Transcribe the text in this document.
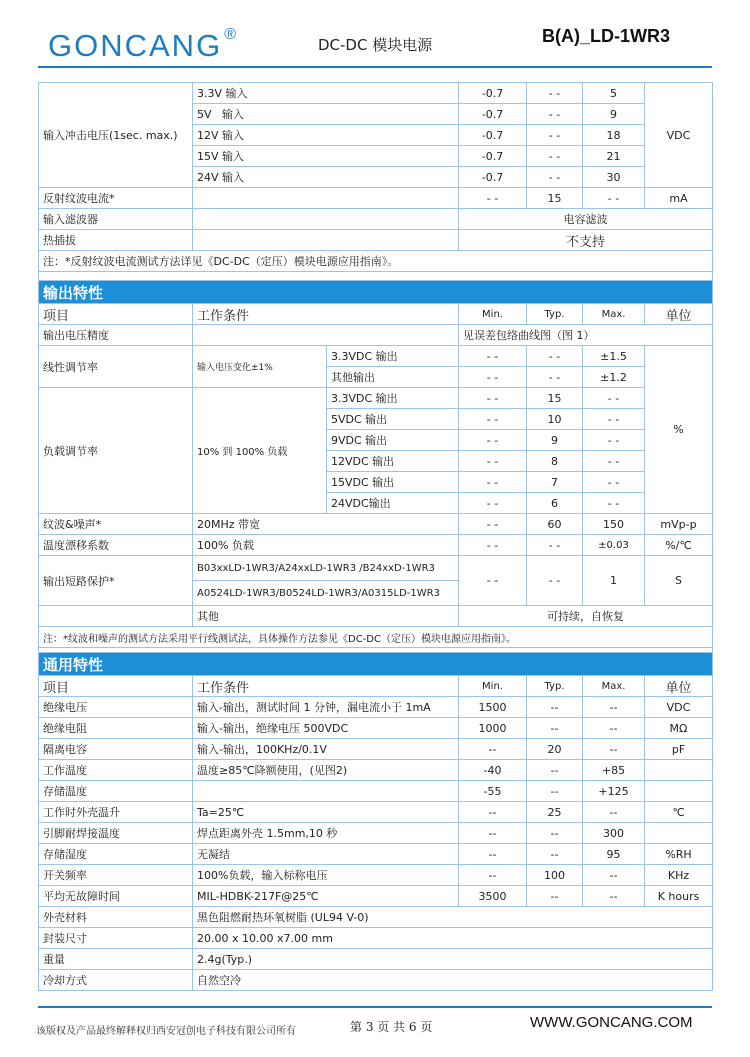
GONCANG ®
DC-DC 模块电源	B(A)_LD-1WR3
输入冲击电压(1sec. max.)	3.3V 输入	-0.7	- -	5	VDC
	5V   输入	-0.7	- -	9	
	12V 输入	-0.7	- -	18	
	15V 输入	-0.7	- -	21	
	24V 输入	-0.7	- -	30	
反射纹波电流*		- -	15	- -	mA
输入滤波器		电容滤波			
热插拔		不支持			
注：*反射纹波电流测试方法详见《DC-DC（定压）模块电源应用指南》。					

输出特性						
项目	工作条件		Min.	Typ.	Max.	单位
输出电压精度			见误差包络曲线图（图 1）			
线性调节率	输入电压变化±1%	3.3VDC 输出	- -	- -	±1.5	%
		其他输出	- -	- -	±1.2	
负载调节率	10% 到 100% 负载	3.3VDC 输出	- -	15	- -	
		5VDC 输出	- -	10	- -	
		9VDC 输出	- -	9	- -	
		12VDC 输出	- -	8	- -	
		15VDC 输出	- -	7	- -	
		24VDC输出	- -	6	- -	
纹波&噪声*	20MHz 带宽		- -	60	150	mVp-p
温度漂移系数	100% 负载		- -	- -	±0.03	%/℃
输出短路保护*	B03xxLD-1WR3/A24xxLD-1WR3 /B24xxD-1WR3		- -	- -	1	S
	A0524LD-1WR3/B0524LD-1WR3/A0315LD-1WR3					
	其他		可持续，自恢复			
注：*纹波和噪声的测试方法采用平行线测试法，具体操作方法参见《DC-DC（定压）模块电源应用指南》。						

通用特性					
项目	工作条件	Min.	Typ.	Max.	单位
绝缘电压	输入-输出，测试时间 1 分钟，漏电流小于 1mA	1500	--	--	VDC
绝缘电阻	输入-输出，绝缘电压 500VDC	1000	--	--	MΩ
隔离电容	输入-输出，100KHz/0.1V	--	20	--	pF
工作温度	温度≥85℃降额使用，(见图2)	-40	--	+85	
存储温度		-55	--	+125	
工作时外壳温升	Ta=25℃	--	25	--	℃
引脚耐焊接温度	焊点距离外壳 1.5mm,10 秒	--	--	300	
存储湿度	无凝结	--	--	95	%RH
开关频率	100%负载，输入标称电压	--	100	--	KHz
平均无故障时间	MIL-HDBK-217F@25℃	3500	--	--	K hours
外壳材料	黑色阻燃耐热环氧树脂 (UL94 V-0)				
封装尺寸	20.00 x 10.00 x7.00 mm				
重量	2.4g(Typ.)				
冷却方式	自然空冷				
该版权及产品最终解释权归西安冠创电子科技有限公司所有	第 3 页 共 6 页	WWW.GONCANG.COM
